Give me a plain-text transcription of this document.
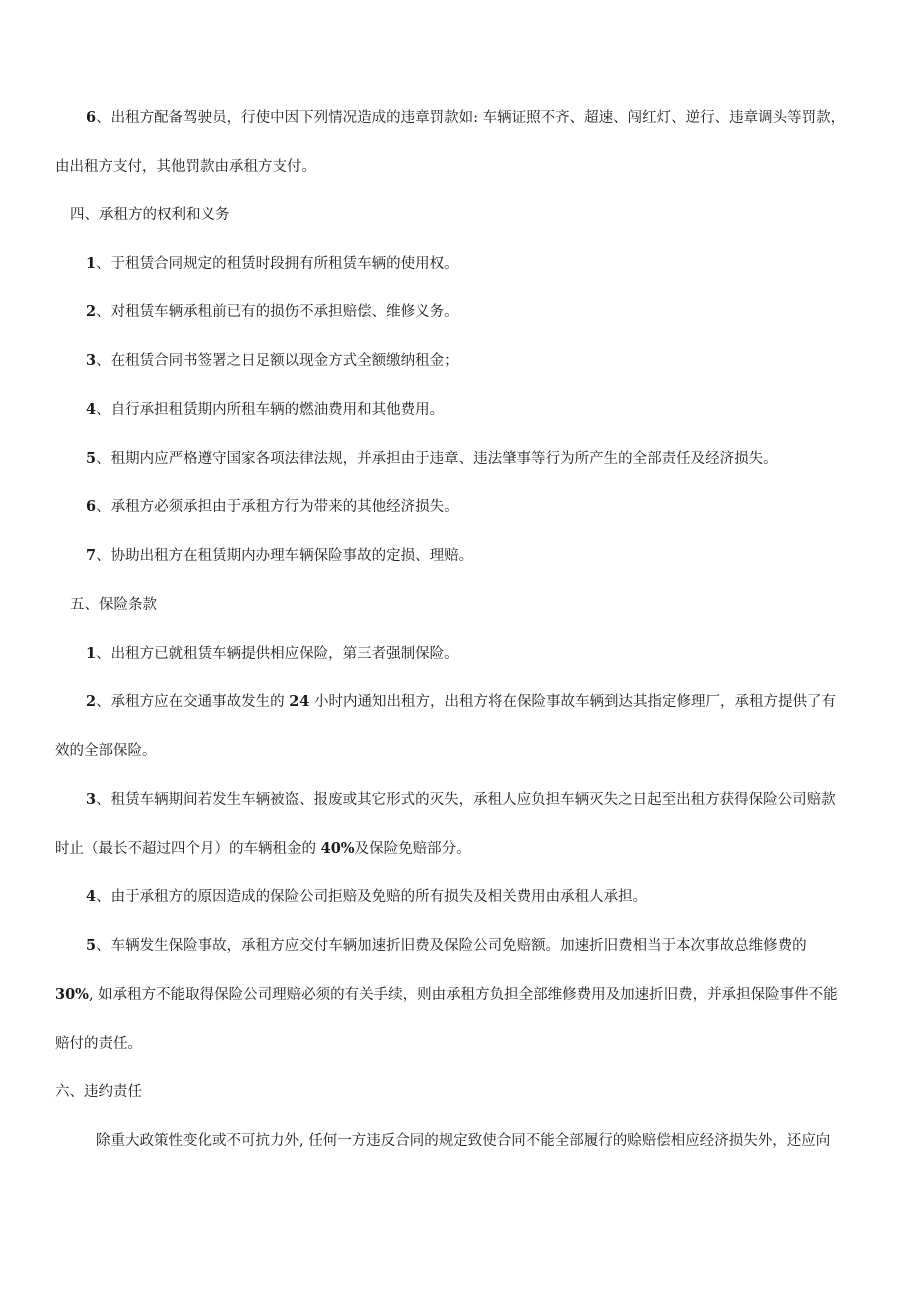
6、出租方配备驾驶员，行使中因下列情况造成的违章罚款如: 车辆证照不齐、超速、闯红灯、逆行、违章调头等罚款，
由出租方支付，其他罚款由承租方支付。
四、承租方的权利和义务
1、于租赁合同规定的租赁时段拥有所租赁车辆的使用权。
2、对租赁车辆承租前已有的损伤不承担赔偿、维修义务。
3、在租赁合同书签署之日足额以现金方式全额缴纳租金；
4、自行承担租赁期内所租车辆的燃油费用和其他费用。
5、租期内应严格遵守国家各项法律法规，并承担由于违章、违法肇事等行为所产生的全部责任及经济损失。
6、承租方必须承担由于承租方行为带来的其他经济损失。
7、协助出租方在租赁期内办理车辆保险事故的定损、理赔。
五、保险条款
1、出租方已就租赁车辆提供相应保险，第三者强制保险。
2、承租方应在交通事故发生的 24 小时内通知出租方，出租方将在保险事故车辆到达其指定修理厂，承租方提供了有
效的全部保险。
3、租赁车辆期间若发生车辆被盗、报废或其它形式的灭失，承租人应负担车辆灭失之日起至出租方获得保险公司赔款
时止（最长不超过四个月）的车辆租金的 40%及保险免赔部分。
4、由于承租方的原因造成的保险公司拒赔及免赔的所有损失及相关费用由承租人承担。
5、车辆发生保险事故，承租方应交付车辆加速折旧费及保险公司免赔额。加速折旧费相当于本次事故总维修费的
30%, 如承租方不能取得保险公司理赔必须的有关手续，则由承租方负担全部维修费用及加速折旧费，并承担保险事件不能
赔付的责任。
六、违约责任
除重大政策性变化或不可抗力外, 任何一方违反合同的规定致使合同不能全部履行的赊赔偿相应经济损失外，还应向
